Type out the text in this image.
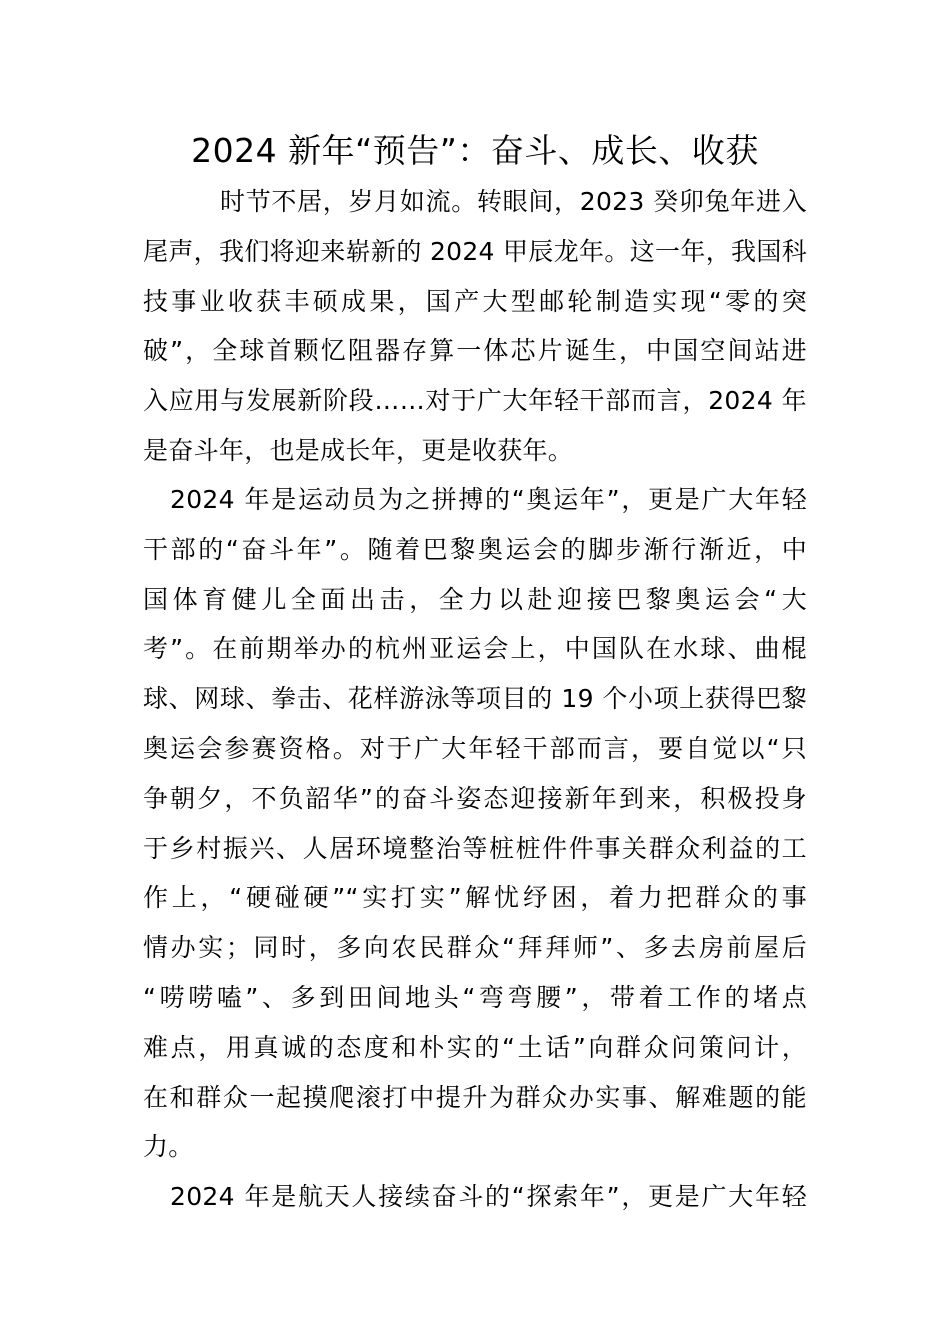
2024 新年“预告”：奋斗、成长、收获
时节不居，岁月如流。转眼间，2023 癸卯兔年进入
尾声，我们将迎来崭新的 2024 甲辰龙年。这一年，我国科
技事业收获丰硕成果，国产大型邮轮制造实现“零的突
破”，全球首颗忆阻器存算一体芯片诞生，中国空间站进
入应用与发展新阶段……对于广大年轻干部而言，2024 年
是奋斗年，也是成长年，更是收获年。
2024 年是运动员为之拼搏的“奥运年”，更是广大年轻
干部的“奋斗年”。随着巴黎奥运会的脚步渐行渐近，中
国体育健儿全面出击，全力以赴迎接巴黎奥运会“大
考”。在前期举办的杭州亚运会上，中国队在水球、曲棍
球、网球、拳击、花样游泳等项目的 19 个小项上获得巴黎
奥运会参赛资格。对于广大年轻干部而言，要自觉以“只
争朝夕，不负韶华”的奋斗姿态迎接新年到来，积极投身
于乡村振兴、人居环境整治等桩桩件件事关群众利益的工
作上，“硬碰硬”“实打实”解忧纾困，着力把群众的事
情办实；同时，多向农民群众“拜拜师”、多去房前屋后
“唠唠嗑”、多到田间地头“弯弯腰”，带着工作的堵点
难点，用真诚的态度和朴实的“土话”向群众问策问计，
在和群众一起摸爬滚打中提升为群众办实事、解难题的能
力。
2024 年是航天人接续奋斗的“探索年”，更是广大年轻
